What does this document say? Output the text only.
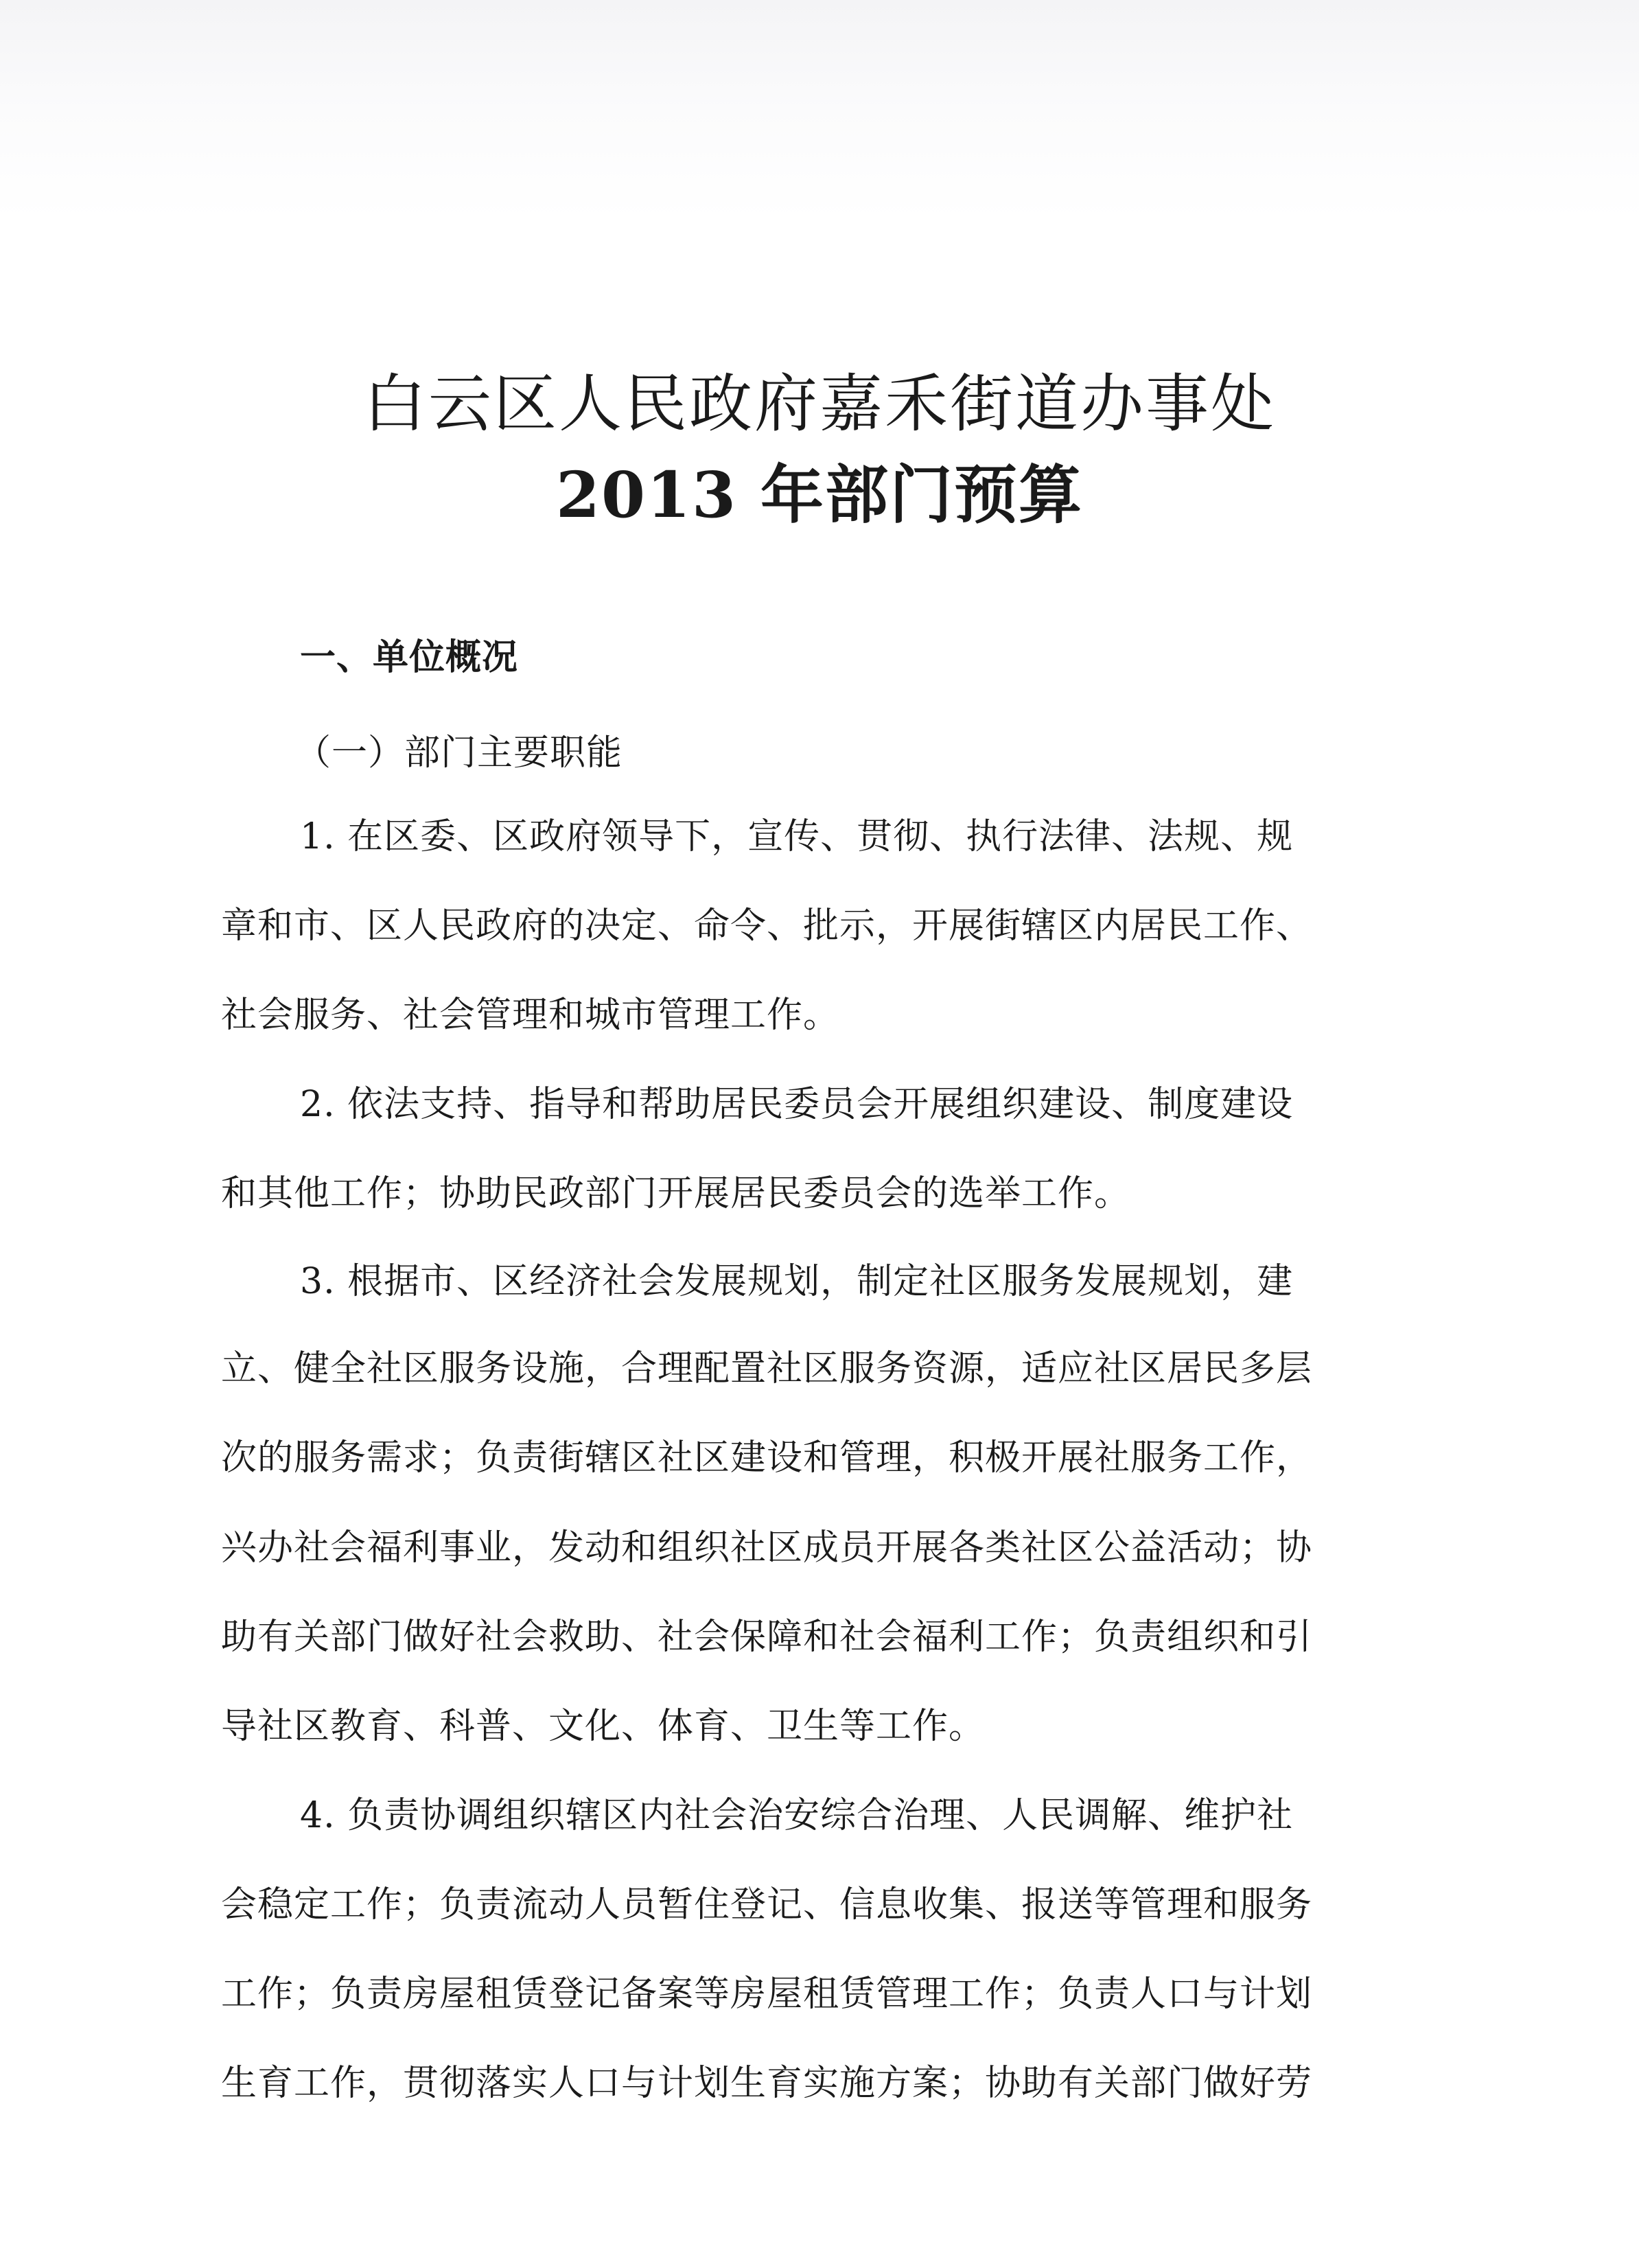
白云区人民政府嘉禾街道办事处
2013 年部门预算
一、单位概况
（一）部门主要职能
1. 在区委、区政府领导下，宣传、贯彻、执行法律、法规、规
章和市、区人民政府的决定、命令、批示，开展街辖区内居民工作、
社会服务、社会管理和城市管理工作。
2. 依法支持、指导和帮助居民委员会开展组织建设、制度建设
和其他工作；协助民政部门开展居民委员会的选举工作。
3. 根据市、区经济社会发展规划，制定社区服务发展规划，建
立、健全社区服务设施，合理配置社区服务资源，适应社区居民多层
次的服务需求；负责街辖区社区建设和管理，积极开展社服务工作，
兴办社会福利事业，发动和组织社区成员开展各类社区公益活动；协
助有关部门做好社会救助、社会保障和社会福利工作；负责组织和引
导社区教育、科普、文化、体育、卫生等工作。
4. 负责协调组织辖区内社会治安综合治理、人民调解、维护社
会稳定工作；负责流动人员暂住登记、信息收集、报送等管理和服务
工作；负责房屋租赁登记备案等房屋租赁管理工作；负责人口与计划
生育工作，贯彻落实人口与计划生育实施方案；协助有关部门做好劳
